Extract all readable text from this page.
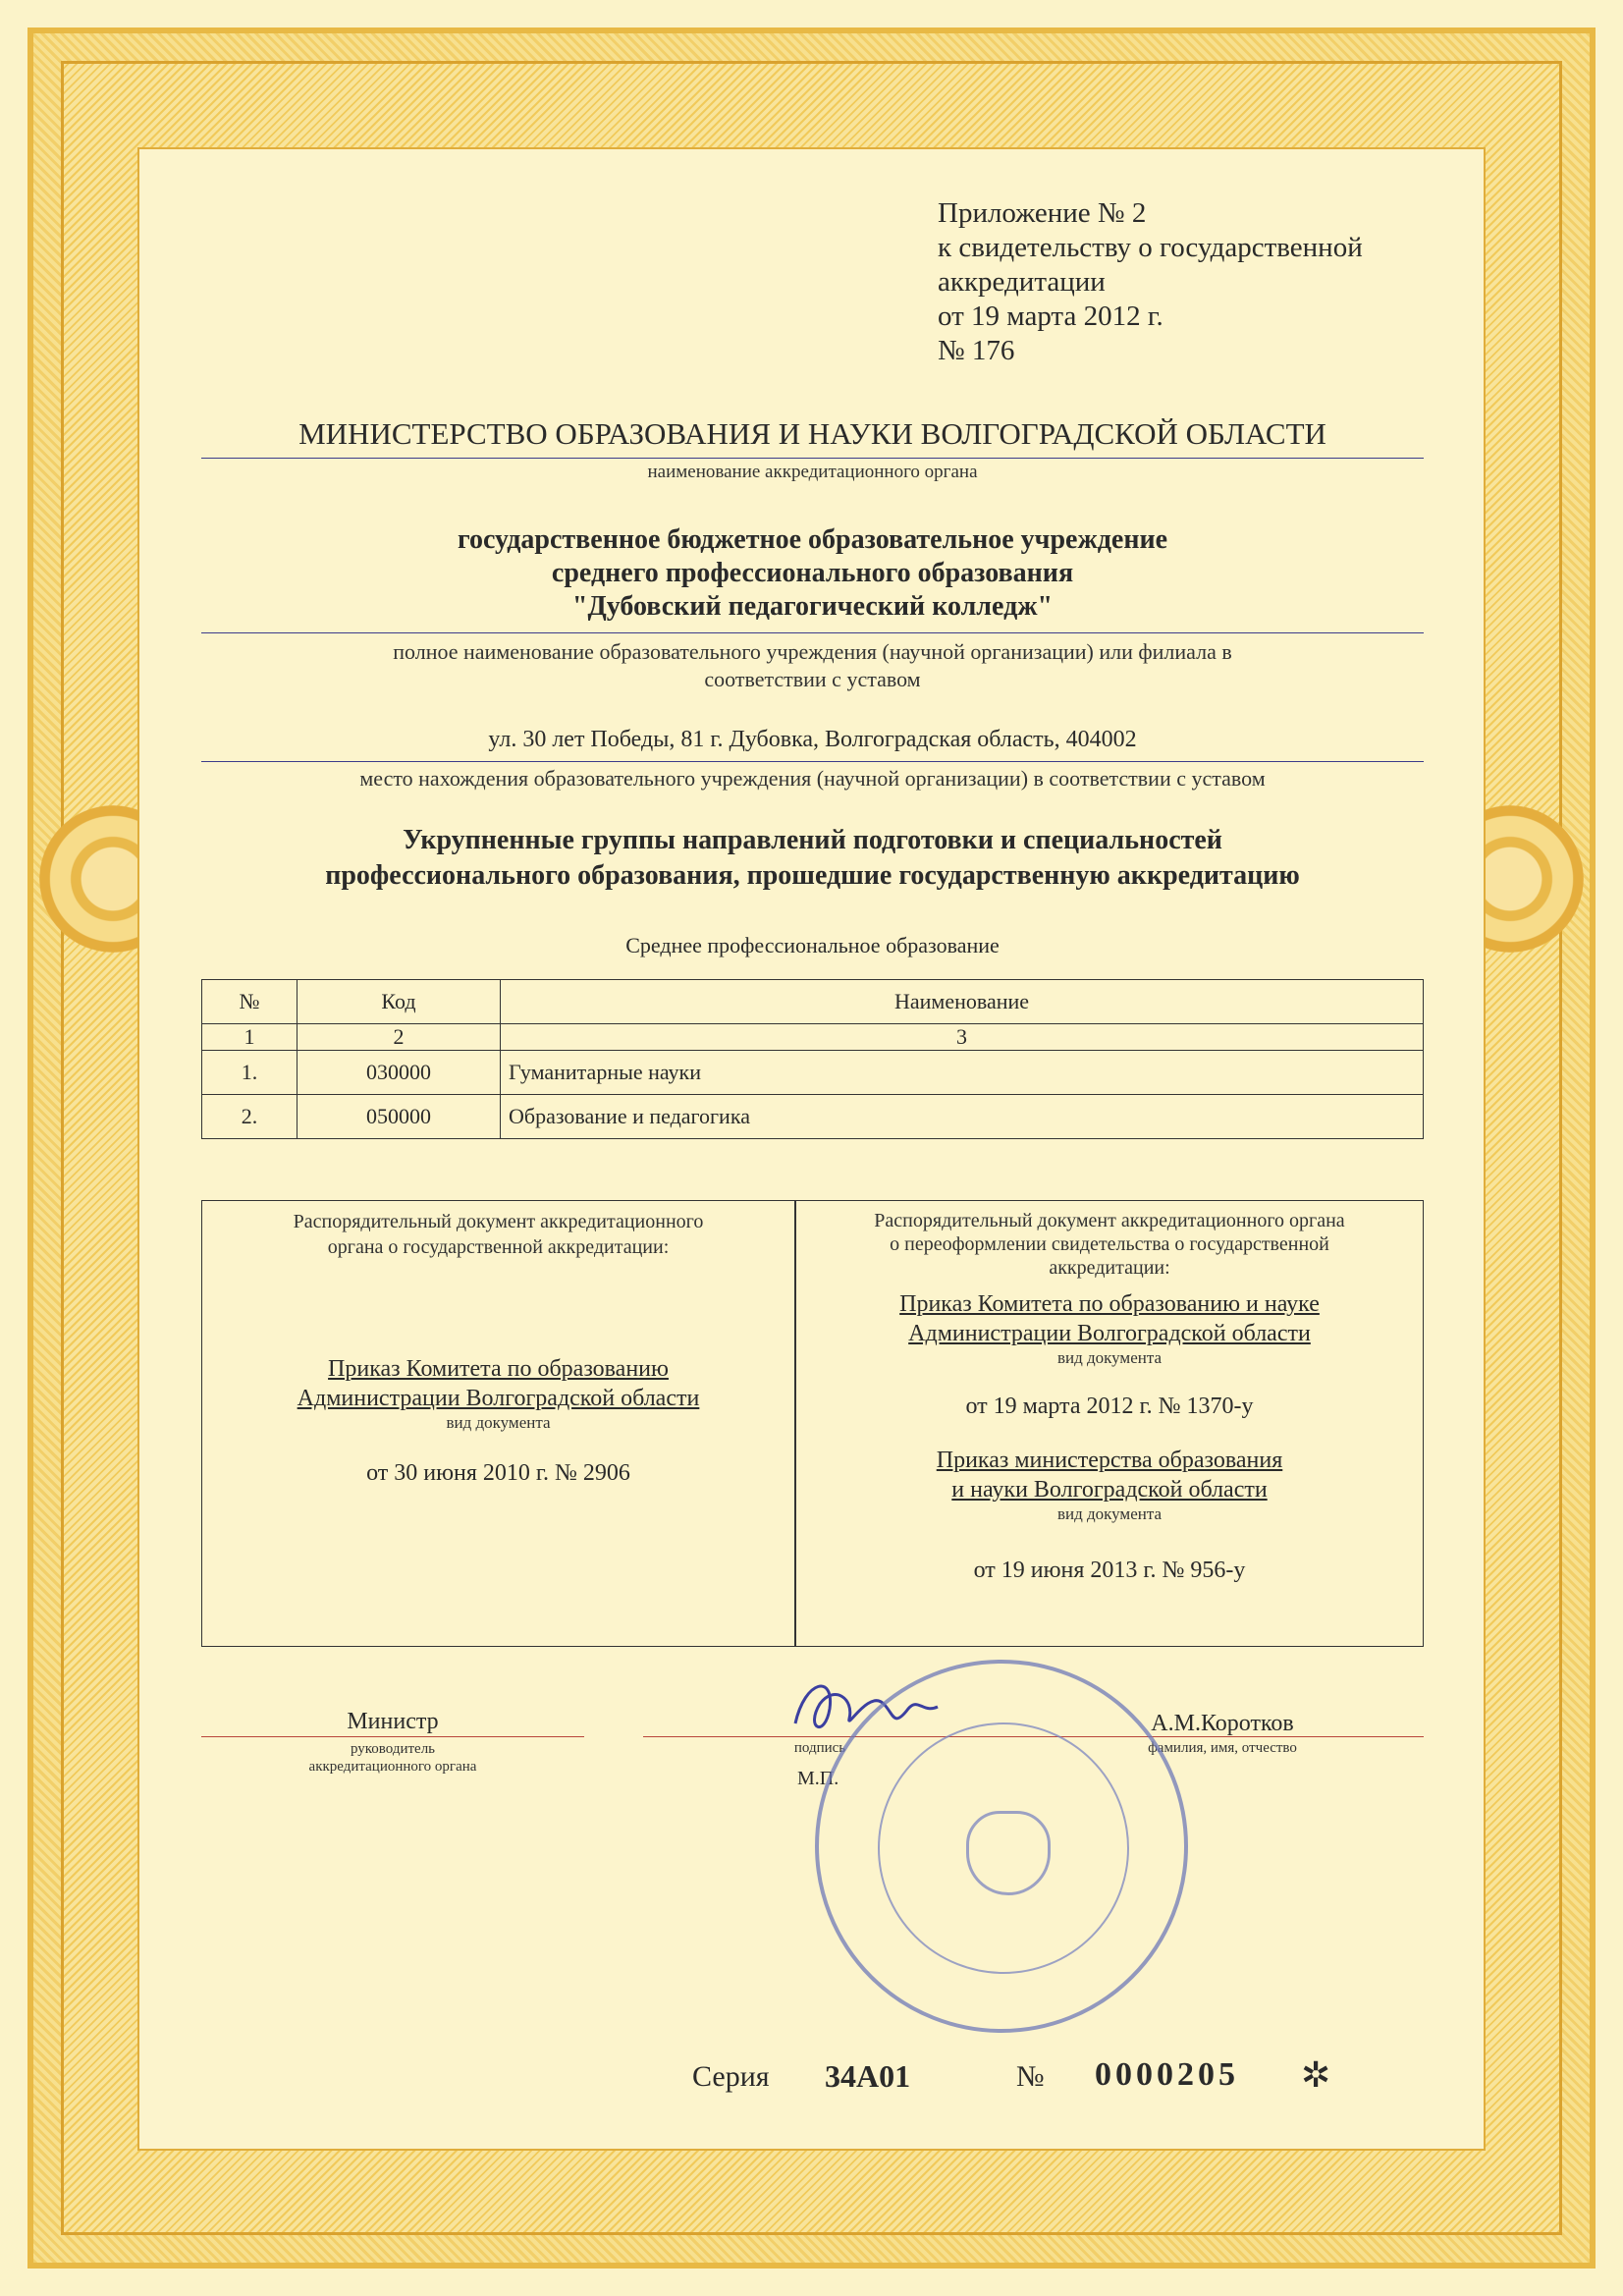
Приложение № 2
к свидетельству о государственной
аккредитации
от 19 марта 2012 г.
№ 176
МИНИСТЕРСТВО ОБРАЗОВАНИЯ И НАУКИ ВОЛГОГРАДСКОЙ ОБЛАСТИ
наименование аккредитационного органа
государственное бюджетное образовательное учреждение
среднего профессионального образования
"Дубовский педагогический колледж"
полное наименование образовательного учреждения (научной организации) или филиала в
соответствии с уставом
ул. 30 лет Победы, 81 г. Дубовка, Волгоградская область, 404002
место нахождения образовательного учреждения (научной организации) в соответствии с уставом
Укрупненные группы направлений подготовки и специальностей
профессионального образования, прошедшие государственную аккредитацию
Среднее профессиональное образование
№	Код	Наименование
1	2	3
1.	030000	Гуманитарные науки
2.	050000	Образование и педагогика
Распорядительный документ аккредитационного
органа о государственной аккредитации:
Приказ Комитета по образованию
Администрации Волгоградской области
вид документа
от 30 июня 2010 г. № 2906
Распорядительный документ аккредитационного органа
о переоформлении свидетельства о государственной
аккредитации:
Приказ Комитета по образованию и науке
Администрации Волгоградской области
вид документа
от 19 марта 2012 г. № 1370-у
Приказ министерства образования
и науки Волгоградской области
вид документа
от 19 июня 2013 г. № 956-у
Министр
руководитель
аккредитационного органа
подпись
А.М.Коротков
фамилия, имя, отчество
М.П.
Серия 34А01	№ 0000205 ✲
